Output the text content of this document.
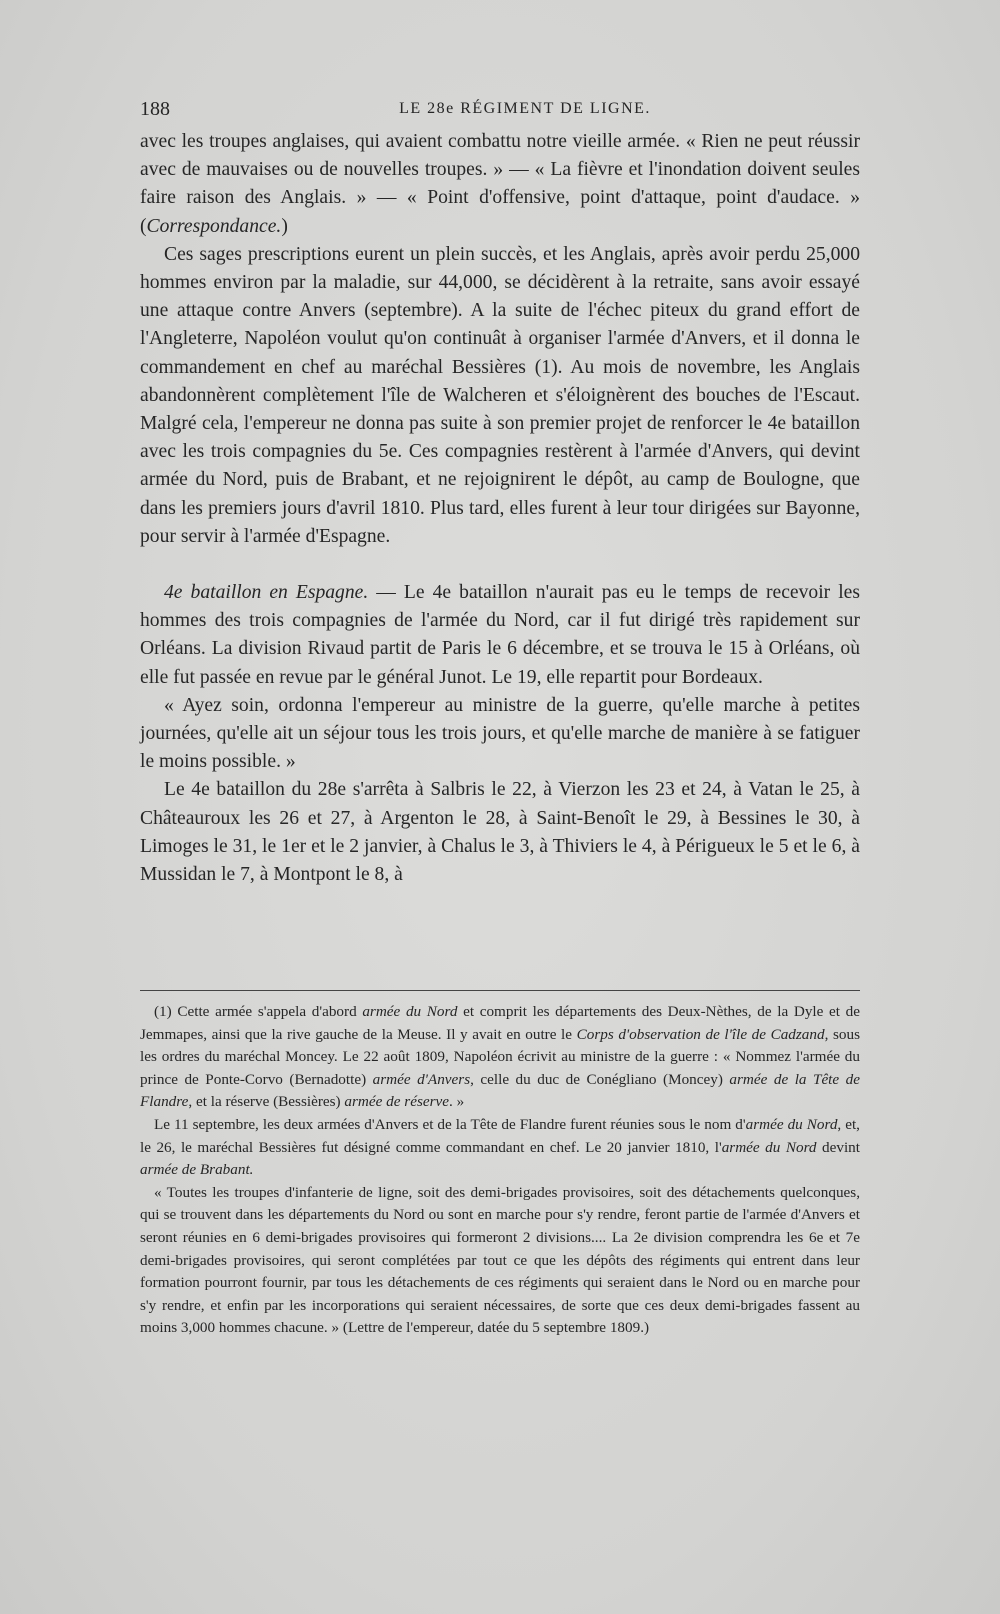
188	LE 28e RÉGIMENT DE LIGNE.

avec les troupes anglaises, qui avaient combattu notre vieille armée. « Rien ne peut réussir avec de mauvaises ou de nouvelles troupes. » — « La fièvre et l'inondation doivent seules faire raison des Anglais. » — « Point d'offensive, point d'attaque, point d'audace. » (Correspondance.)

Ces sages prescriptions eurent un plein succès, et les Anglais, après avoir perdu 25,000 hommes environ par la maladie, sur 44,000, se décidèrent à la retraite, sans avoir essayé une attaque contre Anvers (septembre). A la suite de l'échec piteux du grand effort de l'Angleterre, Napoléon voulut qu'on continuât à organiser l'armée d'Anvers, et il donna le commandement en chef au maréchal Bessières (1). Au mois de novembre, les Anglais abandonnèrent complètement l'île de Walcheren et s'éloignèrent des bouches de l'Escaut. Malgré cela, l'empereur ne donna pas suite à son premier projet de renforcer le 4e bataillon avec les trois compagnies du 5e. Ces compagnies restèrent à l'armée d'Anvers, qui devint armée du Nord, puis de Brabant, et ne rejoignirent le dépôt, au camp de Boulogne, que dans les premiers jours d'avril 1810. Plus tard, elles furent à leur tour dirigées sur Bayonne, pour servir à l'armée d'Espagne.

4e bataillon en Espagne. — Le 4e bataillon n'aurait pas eu le temps de recevoir les hommes des trois compagnies de l'armée du Nord, car il fut dirigé très rapidement sur Orléans. La division Rivaud partit de Paris le 6 décembre, et se trouva le 15 à Orléans, où elle fut passée en revue par le général Junot. Le 19, elle repartit pour Bordeaux.

« Ayez soin, ordonna l'empereur au ministre de la guerre, qu'elle marche à petites journées, qu'elle ait un séjour tous les trois jours, et qu'elle marche de manière à se fatiguer le moins possible. »

Le 4e bataillon du 28e s'arrêta à Salbris le 22, à Vierzon les 23 et 24, à Vatan le 25, à Châteauroux les 26 et 27, à Argenton le 28, à Saint-Benoît le 29, à Bessines le 30, à Limoges le 31, le 1er et le 2 janvier, à Chalus le 3, à Thiviers le 4, à Périgueux le 5 et le 6, à Mussidan le 7, à Montpont le 8, à

(1) Cette armée s'appela d'abord armée du Nord et comprit les départements des Deux-Nèthes, de la Dyle et de Jemmapes, ainsi que la rive gauche de la Meuse. Il y avait en outre le Corps d'observation de l'île de Cadzand, sous les ordres du maréchal Moncey. Le 22 août 1809, Napoléon écrivit au ministre de la guerre : « Nommez l'armée du prince de Ponte-Corvo (Bernadotte) armée d'Anvers, celle du duc de Conégliano (Moncey) armée de la Tête de Flandre, et la réserve (Bessières) armée de réserve. »

Le 11 septembre, les deux armées d'Anvers et de la Tête de Flandre furent réunies sous le nom d'armée du Nord, et, le 26, le maréchal Bessières fut désigné comme commandant en chef. Le 20 janvier 1810, l'armée du Nord devint armée de Brabant.

« Toutes les troupes d'infanterie de ligne, soit des demi-brigades provisoires, soit des détachements quelconques, qui se trouvent dans les départements du Nord ou sont en marche pour s'y rendre, feront partie de l'armée d'Anvers et seront réunies en 6 demi-brigades provisoires qui formeront 2 divisions.... La 2e division comprendra les 6e et 7e demi-brigades provisoires, qui seront complétées par tout ce que les dépôts des régiments qui entrent dans leur formation pourront fournir, par tous les détachements de ces régiments qui seraient dans le Nord ou en marche pour s'y rendre, et enfin par les incorporations qui seraient nécessaires, de sorte que ces deux demi-brigades fassent au moins 3,000 hommes chacune. » (Lettre de l'empereur, datée du 5 septembre 1809.)
